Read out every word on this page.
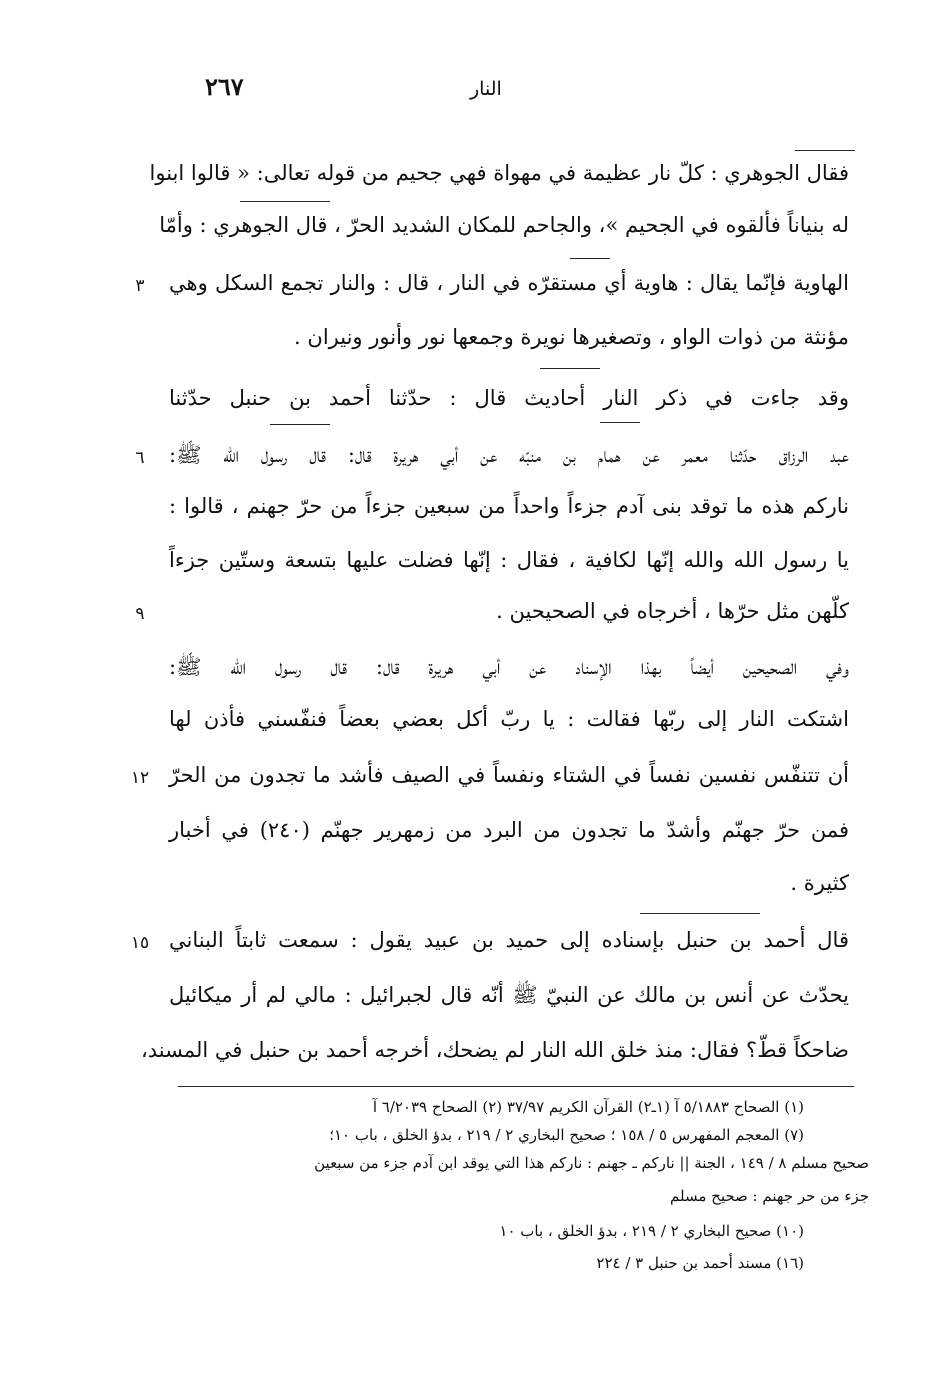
٢٦٧	النار
فقال الجوهري : كلّ نار عظيمة في مهواة فهي جحيم من قوله تعالى: « قالوا ابنوا
له بنياناً فألقوه في الجحيم »، والجاحم للمكان الشديد الحرّ ، قال الجوهري : وأمّا
الهاوية فإنّما يقال : هاوية أي مستقرّه في النار ، قال : والنار تجمع السكل وهي
٣
مؤنثة من ذوات الواو ، وتصغيرها نويرة وجمعها نور وأنور ونيران .
وقد جاءت في ذكر النار أحاديث قال : حدّثنا أحمد بن حنبل حدّثنا
عبد الرزاق حدّثنا معمر عن همام بن منبّه عن أبي هريرة قال: قال رسول الله ﷺ:
٦
ناركم هذه ما توقد بنى آدم جزءاً واحداً من سبعين جزءاً من حرّ جهنم ، قالوا :
يا رسول الله والله إنّها لكافية ، فقال : إنّها فضلت عليها بتسعة وستّين جزءاً
كلّهن مثل حرّها ، أخرجاه في الصحيحين .
٩
وفي الصحيحين أيضاً بهذا الإسناد عن أبي هريرة قال: قال رسول الله ﷺ:
اشتكت النار إلى ربّها فقالت : يا ربّ أكل بعضي بعضاً فنفّسني فأذن لها
أن تتنفّس نفسين نفساً في الشتاء ونفساً في الصيف فأشد ما تجدون من الحرّ
١٢
فمن حرّ جهنّم وأشدّ ما تجدون من البرد من زمهرير جهنّم (٢٤٠) في أخبار
كثيرة .
قال أحمد بن حنبل بإسناده إلى حميد بن عبيد يقول : سمعت ثابتاً البناني
١٥
يحدّث عن أنس بن مالك عن النبيّ ﷺ أنّه قال لجبرائيل : مالي لم أر ميكائيل
ضاحكاً قطّ؟ فقال: منذ خلق الله النار لم يضحك، أخرجه أحمد بن حنبل في المسند،
(١) الصحاح ٥/١٨٨٣ آ (١ـ٢) القرآن الكريم ٣٧/٩٧ (٢) الصحاح ٦/٢٠٣٩ آ
(٧) المعجم المفهرس ٥ / ١٥٨ ؛ صحيح البخاري ٢ / ٢١٩ ، بدؤ الخلق ، باب ١٠؛
صحيح مسلم ٨ / ١٤٩ ، الجنة || ناركم ـ جهنم : ناركم هذا التي يوقد ابن آدم جزء من سبعين
جزء من حر جهنم : صحيح مسلم
(١٠) صحيح البخاري ٢ / ٢١٩ ، بدؤ الخلق ، باب ١٠
(١٦) مسند أحمد بن حنبل ٣ / ٢٢٤
